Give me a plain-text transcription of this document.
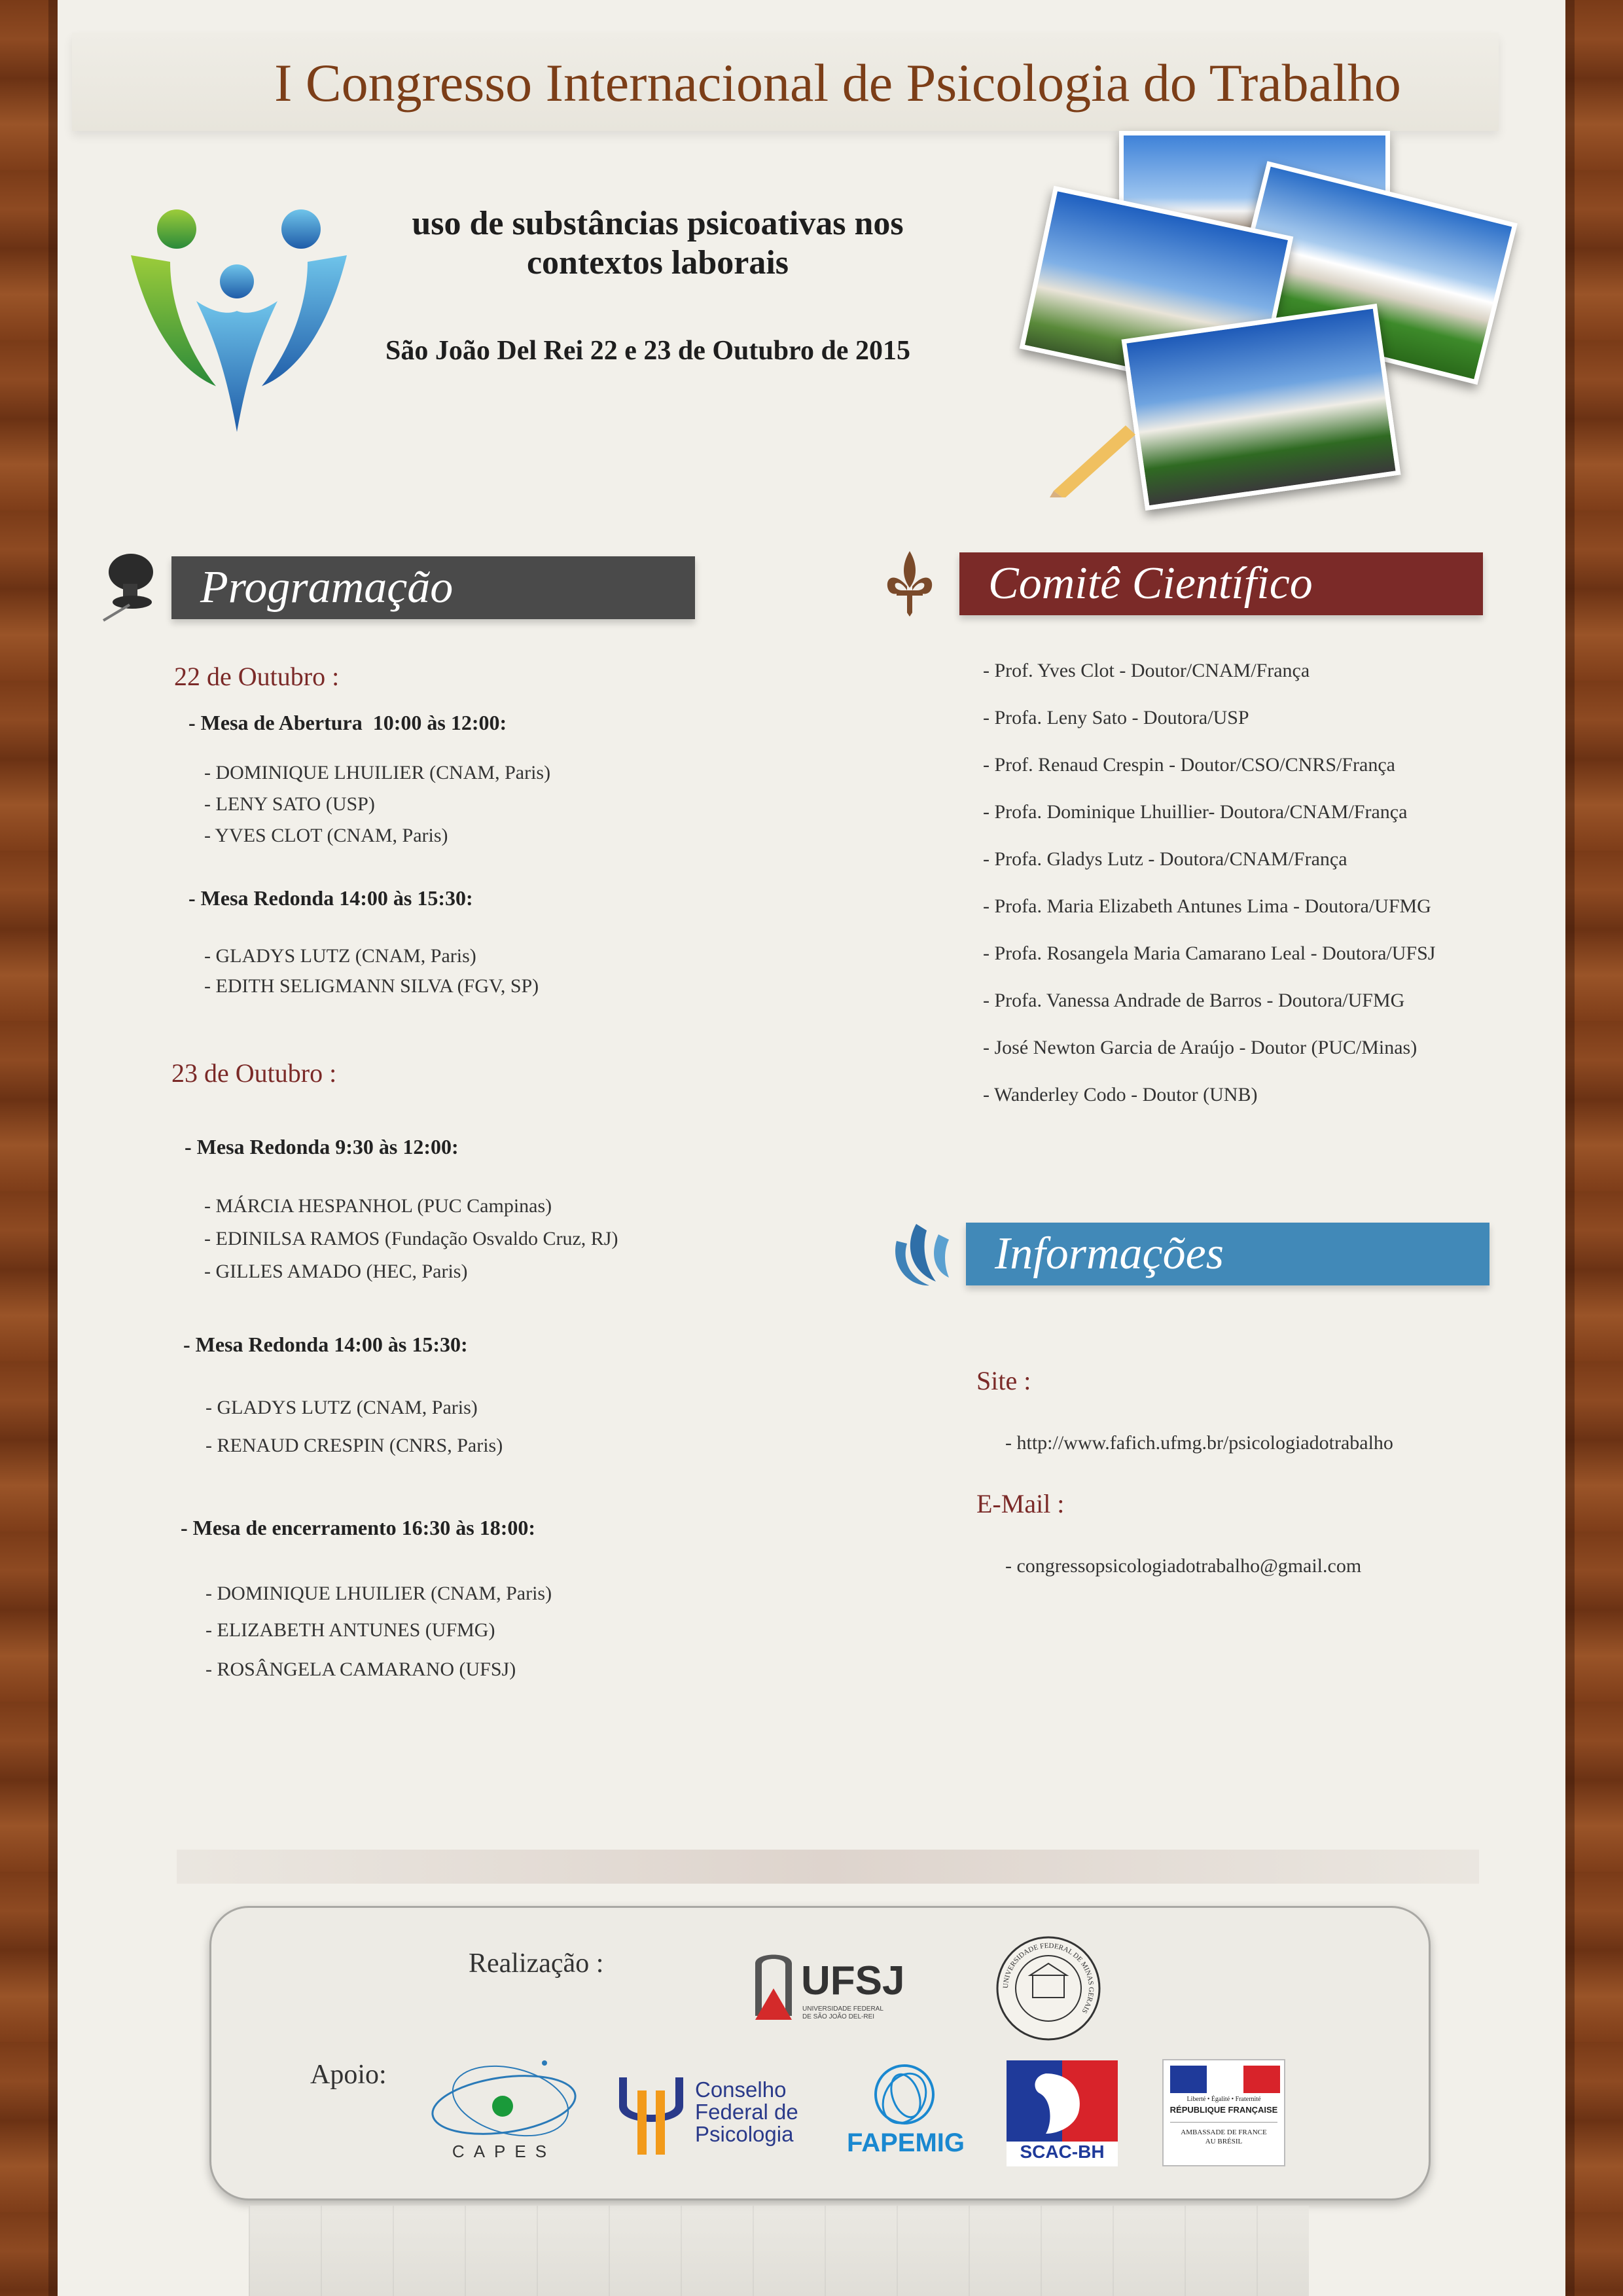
I Congresso Internacional de Psicologia do Trabalho
uso de substâncias psicoativas nos
contextos laborais
São João Del Rei 22 e 23 de Outubro de 2015
Programação
22 de Outubro :
- Mesa de Abertura  10:00 às 12:00:
- DOMINIQUE LHUILIER (CNAM, Paris)
- LENY SATO (USP)
- YVES CLOT (CNAM, Paris)
- Mesa Redonda 14:00 às 15:30:
- GLADYS LUTZ (CNAM, Paris)
- EDITH SELIGMANN SILVA (FGV, SP)
23 de Outubro :
- Mesa Redonda 9:30 às 12:00:
- MÁRCIA HESPANHOL (PUC Campinas)
- EDINILSA RAMOS (Fundação Osvaldo Cruz, RJ)
- GILLES AMADO (HEC, Paris)
- Mesa Redonda 14:00 às 15:30:
- GLADYS LUTZ (CNAM, Paris)
- RENAUD CRESPIN (CNRS, Paris)
- Mesa de encerramento 16:30 às 18:00:
- DOMINIQUE LHUILIER (CNAM, Paris)
- ELIZABETH ANTUNES (UFMG)
- ROSÂNGELA CAMARANO (UFSJ)
Comitê Científico
- Prof. Yves Clot - Doutor/CNAM/França
- Profa. Leny Sato - Doutora/USP
- Prof. Renaud Crespin - Doutor/CSO/CNRS/França
- Profa. Dominique Lhuillier- Doutora/CNAM/França
- Profa. Gladys Lutz - Doutora/CNAM/França
- Profa. Maria Elizabeth Antunes Lima - Doutora/UFMG
- Profa. Rosangela Maria Camarano Leal - Doutora/UFSJ
- Profa. Vanessa Andrade de Barros - Doutora/UFMG
- José Newton Garcia de Araújo - Doutor (PUC/Minas)
- Wanderley Codo - Doutor (UNB)
Informações
Site :
- http://www.fafich.ufmg.br/psicologiadotrabalho
E-Mail :
- congressopsicologiadotrabalho@gmail.com
Realização :
Apoio:
UFSJ
UNIVERSIDADE FEDERAL
DE SÃO JOÃO DEL-REI
UNIVERSIDADE FEDERAL DE MINAS GERAIS
CAPES
Conselho
Federal de
Psicologia FAPEMIG	SCAC-BH
Liberté • Égalité • Fraternité
RÉPUBLIQUE FRANÇAISE
AMBASSADE DE FRANCE
AU BRÉSIL
